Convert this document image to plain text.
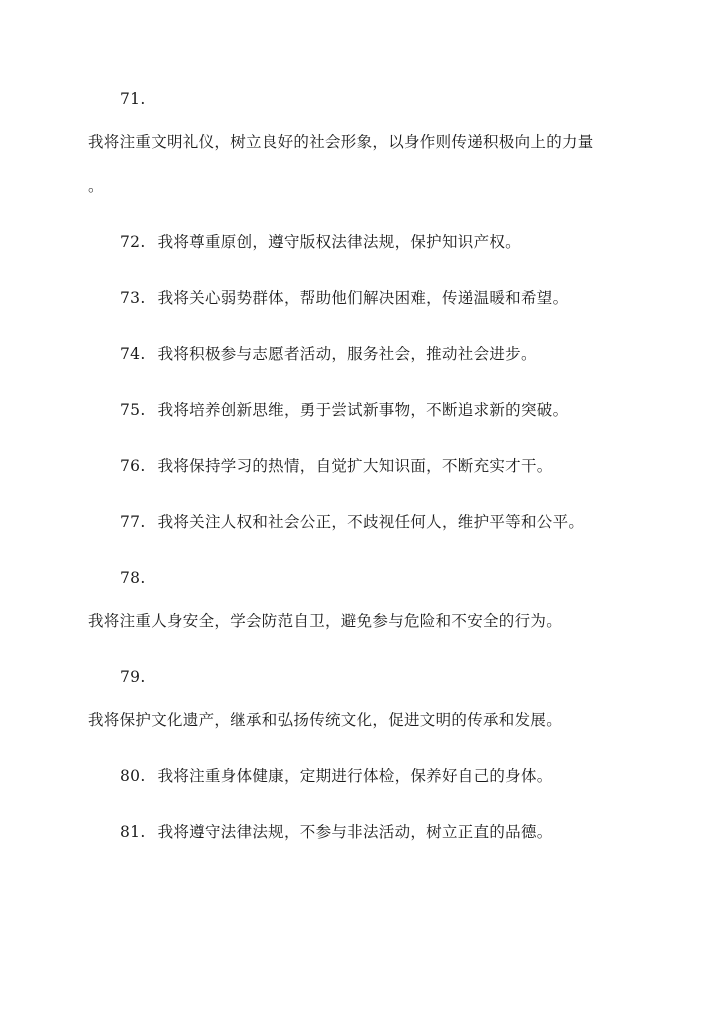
71.
我将注重文明礼仪，树立良好的社会形象，以身作则传递积极向上的力量
。
72. 我将尊重原创，遵守版权法律法规，保护知识产权。
73. 我将关心弱势群体，帮助他们解决困难，传递温暖和希望。
74. 我将积极参与志愿者活动，服务社会，推动社会进步。
75. 我将培养创新思维，勇于尝试新事物，不断追求新的突破。
76. 我将保持学习的热情，自觉扩大知识面，不断充实才干。
77. 我将关注人权和社会公正，不歧视任何人，维护平等和公平。
78.
我将注重人身安全，学会防范自卫，避免参与危险和不安全的行为。
79.
我将保护文化遗产，继承和弘扬传统文化，促进文明的传承和发展。
80. 我将注重身体健康，定期进行体检，保养好自己的身体。
81. 我将遵守法律法规，不参与非法活动，树立正直的品德。
